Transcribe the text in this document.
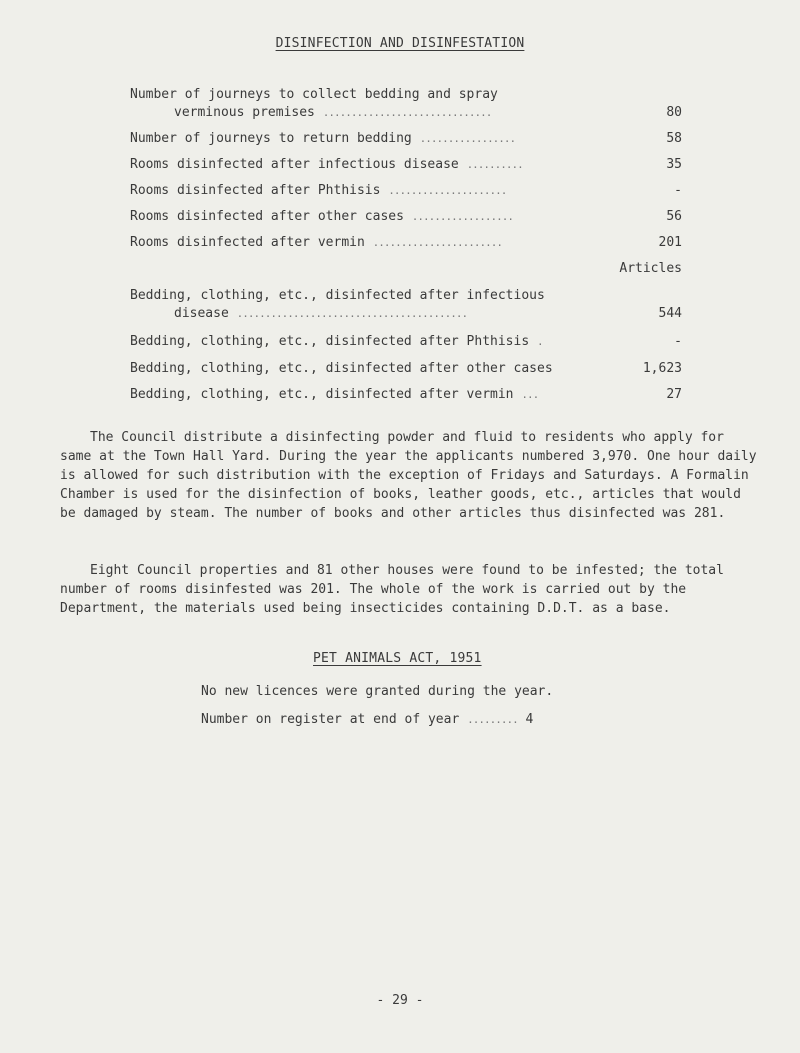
DISINFECTION AND DISINFESTATION
Number of journeys to collect bedding and spray
verminous premises ..............................	80
Number of journeys to return bedding .................	58
Rooms disinfected after infectious disease ..........	35
Rooms disinfected after Phthisis .....................	-
Rooms disinfected after other cases ..................	56
Rooms disinfected after vermin .......................	201
Articles
Bedding, clothing, etc., disinfected after infectious
disease .........................................	544
Bedding, clothing, etc., disinfected after Phthisis .	-
Bedding, clothing, etc., disinfected after other cases	1,623
Bedding, clothing, etc., disinfected after vermin ...	27

The Council distribute a disinfecting powder and fluid to residents who apply for same at the Town Hall Yard. During the year the applicants numbered 3,970. One hour daily is allowed for such distribution with the exception of Fridays and Saturdays. A Formalin Chamber is used for the disinfection of books, leather goods, etc., articles that would be damaged by steam. The number of books and other articles thus disinfected was 281.

Eight Council properties and 81 other houses were found to be infested; the total number of rooms disinfested was 201. The whole of the work is carried out by the Department, the materials used being insecticides containing D.D.T. as a base.

PET ANIMALS ACT, 1951
No new licences were granted during the year.
Number on register at end of year ......... 4
- 29 -
